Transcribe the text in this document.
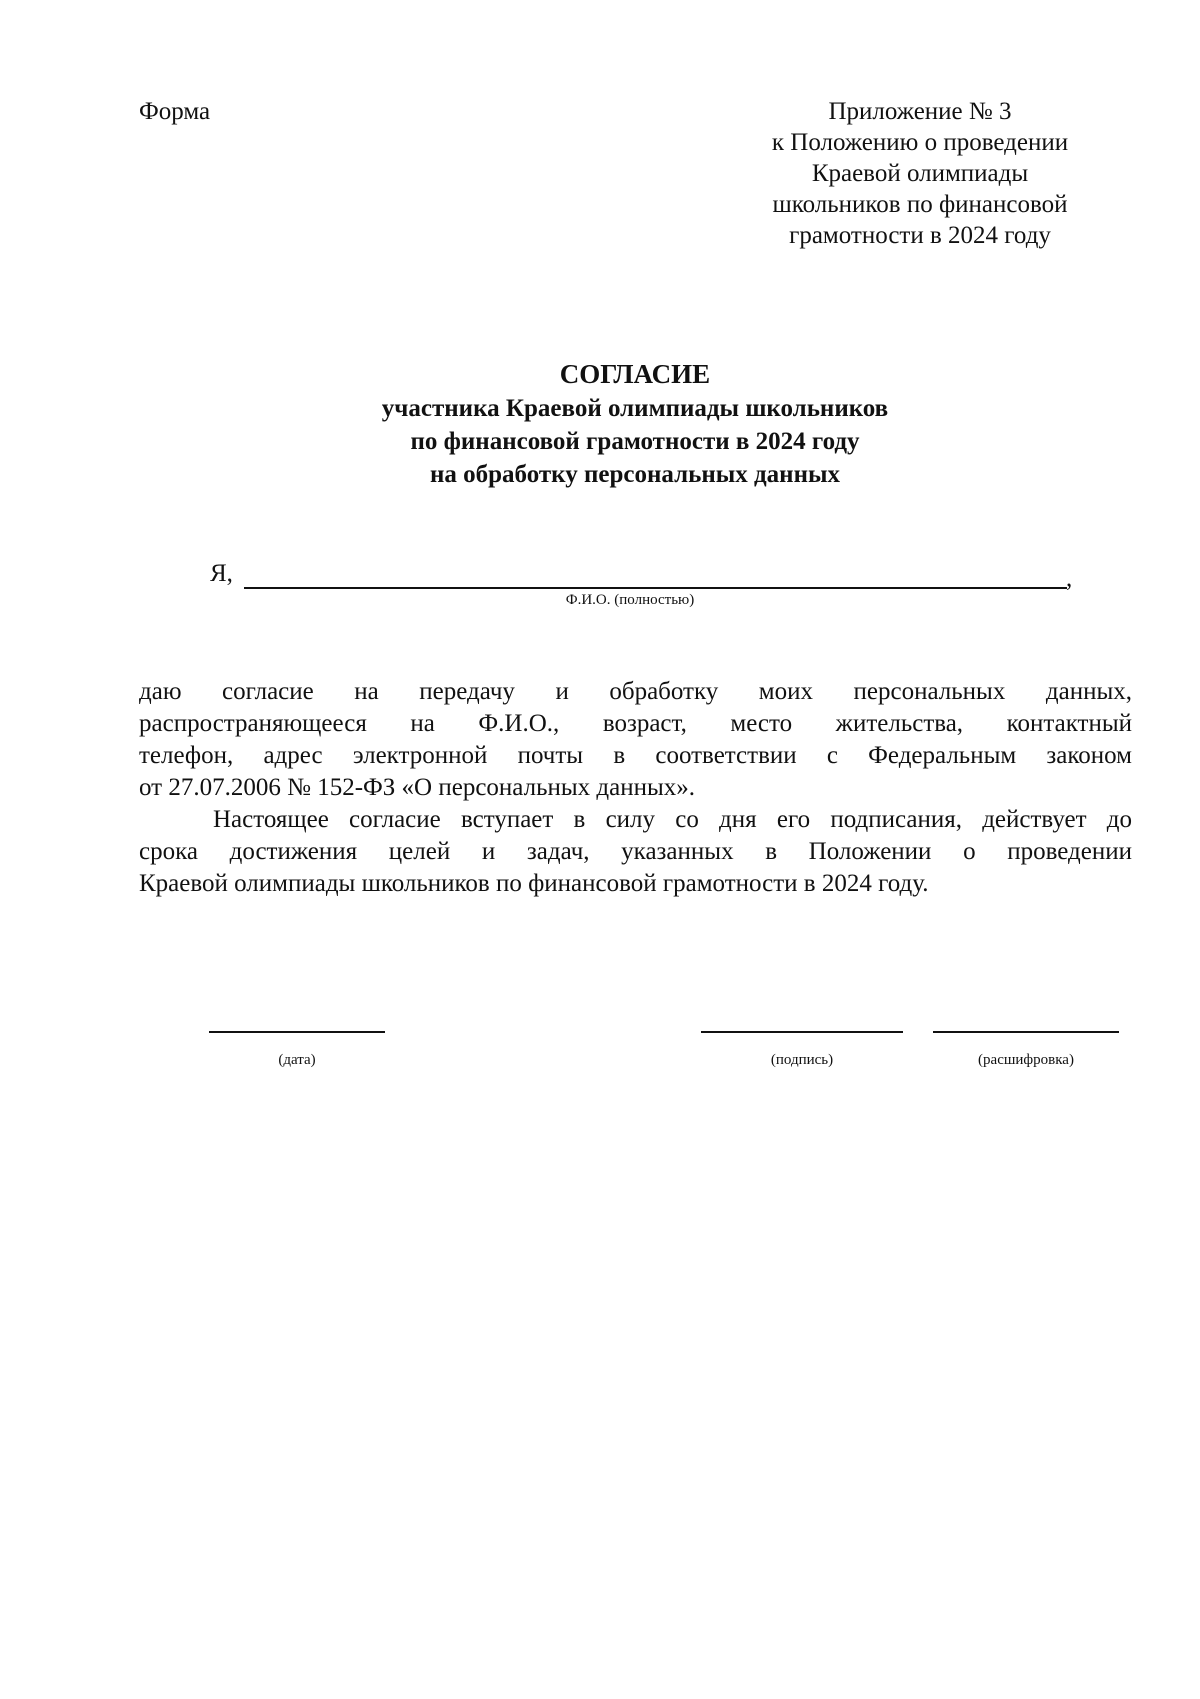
Форма	Приложение № 3
к Положению о проведении
Краевой олимпиады
школьников по финансовой
грамотности в 2024 году
СОГЛАСИЕ
участника Краевой олимпиады школьников
по финансовой грамотности в 2024 году
на обработку персональных данных
Я,	,
Ф.И.О. (полностью)
даю согласие на передачу и обработку моих персональных данных,
распространяющееся на Ф.И.О., возраст, место жительства, контактный
телефон, адрес электронной почты в соответствии с Федеральным законом
от 27.07.2006 № 152-ФЗ «О персональных данных».
Настоящее согласие вступает в силу со дня его подписания, действует до
срока достижения целей и задач, указанных в Положении о проведении
Краевой олимпиады школьников по финансовой грамотности в 2024 году.
(дата)	(подпись)	(расшифровка)
